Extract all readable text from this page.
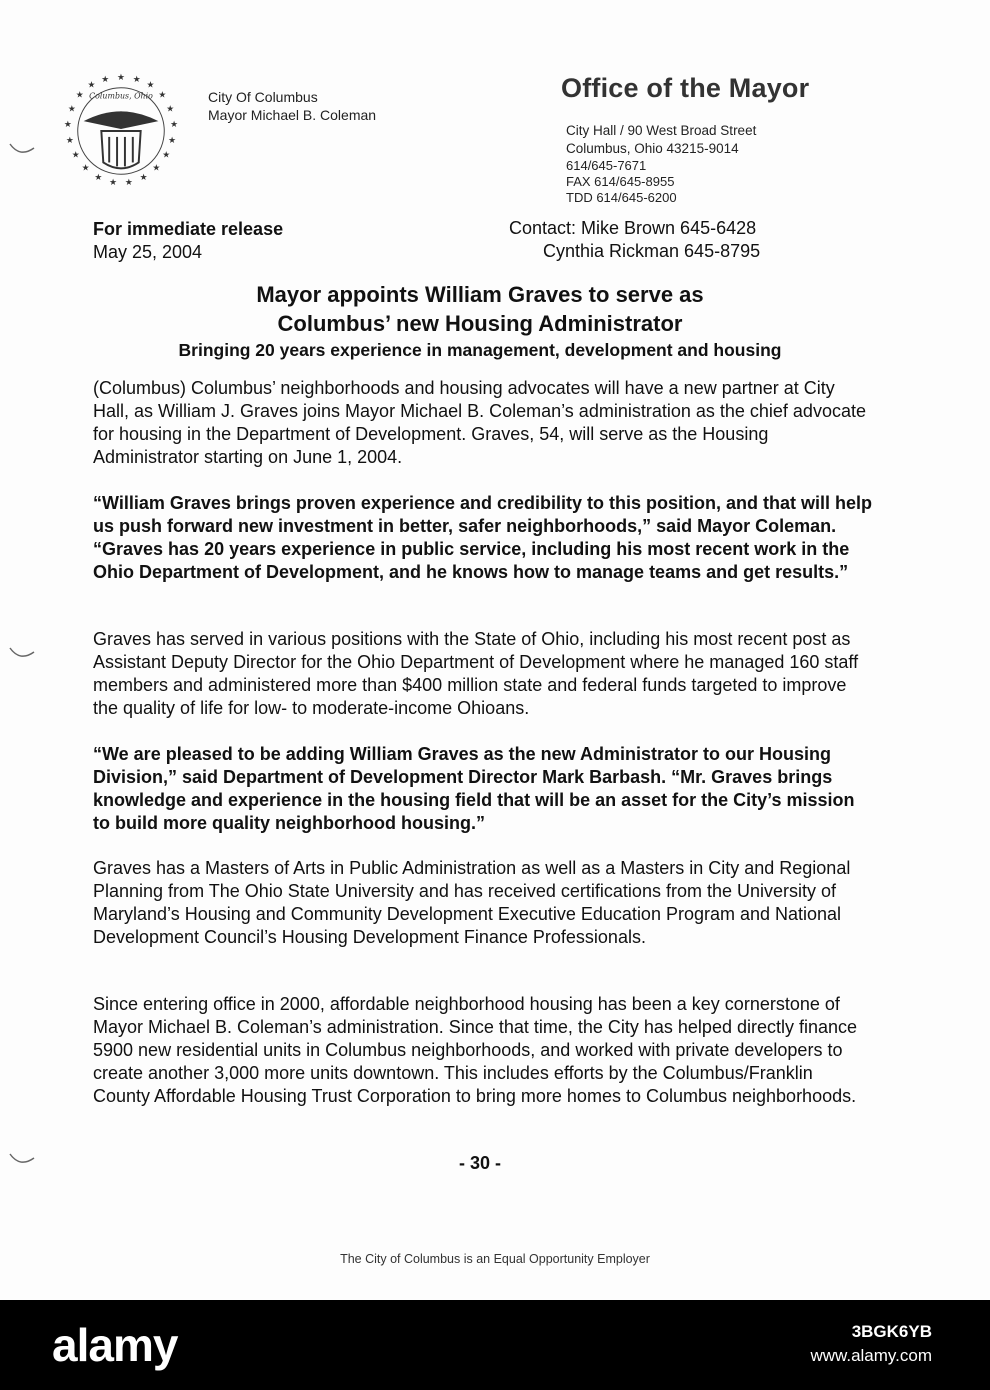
★ ★
★
★
★
★
★
★
★
★
★
★
★
★
★
★
★
★
★
★
★
Columbus, Ohio	City Of Columbus
Mayor Michael B. Coleman
Office of the Mayor
City Hall / 90 West Broad Street
Columbus, Ohio 43215-9014
614/645-7671
FAX 614/645-8955
TDD 614/645-6200
For immediate release
May 25, 2004
Contact: Mike Brown 645-6428
Cynthia Rickman 645-8795
Mayor appoints William Graves to serve as
Columbus’ new Housing Administrator
Bringing 20 years experience in management, development and housing
(Columbus) Columbus’ neighborhoods and housing advocates will have a new partner at City Hall, as William J. Graves joins Mayor Michael B. Coleman’s administration as the chief advocate for housing in the Department of Development. Graves, 54, will serve as the Housing Administrator starting on June 1, 2004.
“William Graves brings proven experience and credibility to this position, and that will help us push forward new investment in better, safer neighborhoods,” said Mayor Coleman. “Graves has 20 years experience in public service, including his most recent work in the Ohio Department of Development, and he knows how to manage teams and get results.”
Graves has served in various positions with the State of Ohio, including his most recent post as Assistant Deputy Director for the Ohio Department of Development where he managed 160 staff members and administered more than $400 million state and federal funds targeted to improve the quality of life for low- to moderate-income Ohioans.
“We are pleased to be adding William Graves as the new Administrator to our Housing Division,” said Department of Development Director Mark Barbash. “Mr. Graves brings knowledge and experience in the housing field that will be an asset for the City’s mission to build more quality neighborhood housing.”
Graves has a Masters of Arts in Public Administration as well as a Masters in City and Regional Planning from The Ohio State University and has received certifications from the University of Maryland’s Housing and Community Development Executive Education Program and National Development Council’s Housing Development Finance Professionals.
Since entering office in 2000, affordable neighborhood housing has been a key cornerstone of Mayor Michael B. Coleman’s administration. Since that time, the City has helped directly finance 5900 new residential units in Columbus neighborhoods, and worked with private developers to create another 3,000 more units downtown. This includes efforts by the Columbus/Franklin County Affordable Housing Trust Corporation to bring more homes to Columbus neighborhoods.
- 30 -
The City of Columbus is an Equal Opportunity Employer
alamy	3BGK6YB
www.alamy.com
